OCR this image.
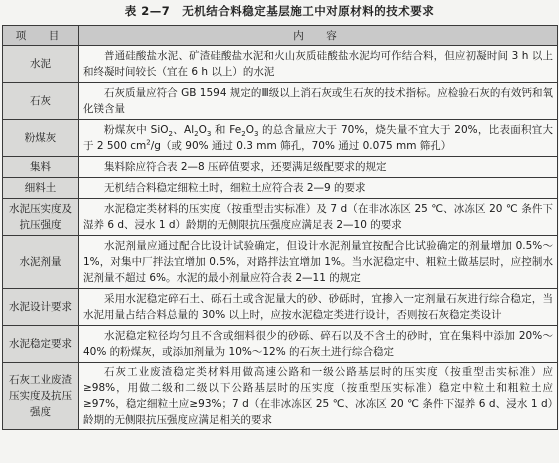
表 2—7　无机结合料稳定基层施工中对原材料的技术要求
项　目	内　容
水泥	普通硅酸盐水泥、矿渣硅酸盐水泥和火山灰质硅酸盐水泥均可作结合料，但应初凝时间 3 h 以上和终凝时间较长（宜在 6 h 以上）的水泥
石灰	石灰质量应符合 GB 1594 规定的Ⅲ级以上消石灰或生石灰的技术指标。应检验石灰的有效钙和氧化镁含量
粉煤灰	粉煤灰中 SiO$_2$、$Al_2O_3$ 和 $Fe_2O_3$ 的总含量应大于 70%，烧失量不宜大于 20%，比表面积宜大于 2 500 $cm^2/g$（或 90% 通过 0.3 mm 筛孔，70% 通过 0.075 mm 筛孔）
集料	集料除应符合表 2—8 压碎值要求，还要满足级配要求的规定
细料土	无机结合料稳定细粒土时，细粒土应符合表 2—9 的要求
水泥压实度及抗压强度	水泥稳定类材料的压实度（按重型击实标准）及 7 d（在非冰冻区 25 ℃、冰冻区 20 ℃ 条件下湿养 6 d、浸水 1 d）龄期的无侧限抗压强度应满足表 2—10 的要求
水泥剂量	水泥剂量应通过配合比设计试验确定，但设计水泥剂量宜按配合比试验确定的剂量增加 0.5%～1%，对集中厂拌法宜增加 0.5%，对路拌法宜增加 1%。当水泥稳定中、粗粒土做基层时，应控制水泥剂量不超过 6%。水泥的最小剂量应符合表 2—11 的规定
水泥设计要求	采用水泥稳定碎石土、砾石土或含泥量大的砂、砂砾时，宜掺入一定剂量石灰进行综合稳定，当水泥用量占结合料总量的 30% 以上时，应按水泥稳定类进行设计，否则按石灰稳定类设计
水泥稳定要求	水泥稳定粒径均匀且不含或细料很少的砂砾、碎石以及不含土的砂时，宜在集料中添加 20%～40% 的粉煤灰，或添加剂量为 10%～12% 的石灰土进行综合稳定
石灰工业废渣压实度及抗压强度	石灰工业废渣稳定类材料用做高速公路和一级公路基层时的压实度（按重型击实标准）应≥98%，用做二级和二级以下公路基层时的压实度（按重型压实标准）稳定中粒土和粗粒土应≥97%，稳定细粒土应≥93%；7 d（在非冰冻区 25 ℃、冰冻区 20 ℃ 条件下湿养 6 d、浸水 1 d）龄期的无侧限抗压强度应满足相关的要求
